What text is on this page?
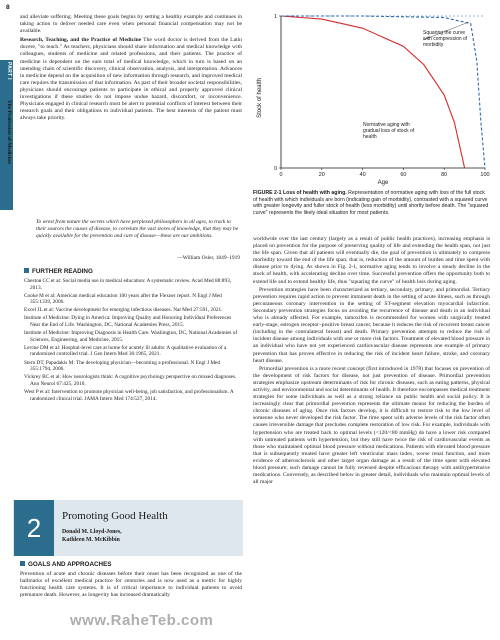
8
PART I
The Profession of Medicine

and alleviate suffering. Meeting these goals begins by setting a healthy example and continues in taking action to deliver needed care even when personal financial compensation may not be available.

Research, Teaching, and the Practice of Medicine The word doctor is derived from the Latin docere, "to teach." As teachers, physicians should share information and medical knowledge with colleagues, students of medicine and related professions, and their patients. The practice of medicine is dependent on the sum total of medical knowledge, which in turn is based on an unending chain of scientific discovery, clinical observation, analysis, and interpretation. Advances in medicine depend on the acquisition of new information through research, and improved medical care requires the transmission of that information. As part of their broader societal responsibilities, physicians should encourage patients to participate in ethical and properly approved clinical investigations if these studies do not impose undue hazard, discomfort, or inconvenience. Physicians engaged in clinical research must be alert to potential conflicts of interest between their research goals and their obligations to individual patients. The best interests of the patient must always take priority.

To wrest from nature the secrets which have perplexed philosophers in all ages, to track to their sources the causes of disease, to correlate the vast stores of knowledge, that they may be quickly available for the prevention and cure of disease—these are our ambitions.
—William Osler, 1849–1919
FURTHER READING
Chestов CC et al: Social media use in medical education: A systematic review. Acad Med 88:893, 2013.
Cooke M et al: American medical education 100 years after the Flexner report. N Engl J Med 355:1339, 2006.
Excel JL et al: Vaccine development for emerging infectious diseases. Nat Med 27:591, 2021.
Institute of Medicine: Dying in America: Improving Quality and Honoring Individual Preferences Near the End of Life. Washington, DC, National Academies Press, 2015.
Institute of Medicine: Improving Diagnosis in Health Care. Washington, DC, National Academies of Sciences, Engineering, and Medicine, 2015.
Levine DM et al: Hospital-level care at home for acutely ill adults: A qualitative evaluation of a randomized controlled trial. J Gen Intern Med 36:1965, 2021.
Stern DT, Papadakis M: The developing physician—becoming a professional. N Engl J Med 355:1794, 2006.
Vickrey BC et al: How neurologists think: A cognitive psychology perspective on missed diagnoses. Ann Neurol 67:425, 2010.
West P et al: Intervention to promote physician well-being, job satisfaction, and professionalism. A randomized clinical trial. JAMA Intern Med 174:527, 2014.
2	Promoting Good Health
Donald M. Lloyd-Jones,
Kathleen M. McKibbin
GOALS AND APPROACHES
Prevention of acute and chronic diseases before their onset has been recognized as one of the hallmarks of excellent medical practice for centuries and is now used as a metric for highly functioning health care systems. It is of critical importance to individual patients to avoid premature death. However, as longevity has increased dramatically
Stock of health
Age
Squaring the curve with compression of morbidity
Normative aging with gradual loss of stock of health
0	20	40	60	80	100
0
1
FIGURE 2-1 Loss of health with aging. Representation of normative aging with loss of the full stock of health with which individuals are born (indicating gain of morbidity), contrasted with a squared curve with greater longevity and fuller stock of health (less morbidity) until shortly before death. The "squared curve" represents the likely ideal situation for most patients.

worldwide over the last century (largely as a result of public health practices), increasing emphasis is placed on prevention for the purpose of preserving quality of life and extending the health span, not just the life span. Given that all patients will eventually die, the goal of prevention is ultimately to compress morbidity toward the end of the life span; that is, reduction of the amount of burden and time spent with disease prior to dying. As shown in Fig. 2-1, normative aging tends to involve a steady decline in the stock of health, with accelerating decline over time. Successful prevention offers the opportunity both to extend life and to extend healthy life, thus "squaring the curve" of health loss during aging.

Prevention strategies have been characterized as tertiary, secondary, primary, and primordial. Tertiary prevention requires rapid action to prevent imminent death in the setting of acute illness, such as through percutaneous coronary intervention in the setting of ST-segment elevation myocardial infarction. Secondary prevention strategies focus on avoiding the recurrence of disease and death in an individual who is already affected. For example, tamoxifen is recommended for women with surgically treated early-stage, estrogen receptor–positive breast cancer, because it reduces the risk of recurrent breast cancer (including in the contralateral breast) and death. Primary prevention attempts to reduce the risk of incident disease among individuals with one or more risk factors. Treatment of elevated blood pressure in an individual who have not yet experienced cardiovascular disease represents one example of primary prevention that has proven effective in reducing the risk of incident heart failure, stroke, and coronary heart disease.

Primordial prevention is a more recent concept (first introduced in 1978) that focuses on prevention of the development of risk factors for disease, not just prevention of disease. Primordial prevention strategies emphasize upstream determinants of risk for chronic diseases, such as eating patterns, physical activity, and environmental and social determinants of health. It therefore encompasses medical treatment strategies for some individuals as well as a strong reliance on public health and social policy. It is increasingly clear that primordial prevention represents the ultimate means for reducing the burden of chronic diseases of aging. Once risk factors develop, it is difficult to restore risk to the low level of someone who never developed the risk factor. The time spent with adverse levels of the risk factor often causes irreversible damage that precludes complete restoration of low risk. For example, individuals with hypertension who are treated back to optimal levels (<120/<80 mmHg) do have a lower risk compared with untreated patients with hypertension, but they still have twice the risk of cardiovascular events as those who maintained optimal blood pressure without medications. Patients with elevated blood pressure that is subsequently treated have greater left ventricular mass index, worse renal function, and more evidence of atherosclerosis and other target organ damage as a result of the time spent with elevated blood pressure; such damage cannot be fully reversed despite efficacious therapy with antihypertensive medications. Conversely, as described below in greater detail, individuals who maintain optimal levels of all major

www.RaheTeb.com
